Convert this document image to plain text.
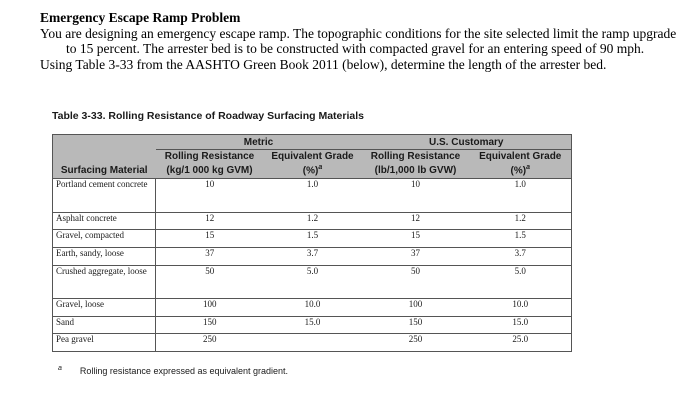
Emergency Escape Ramp Problem
You are designing an emergency escape ramp. The topographic conditions for the site selected limit the ramp upgrade to 15 percent. The arrester bed is to be constructed with compacted gravel for an entering speed of 90 mph.
Using Table 3-33 from the AASHTO Green Book 2011 (below), determine the length of the arrester bed.
Table 3-33. Rolling Resistance of Roadway Surfacing Materials
	Metric		U.S. Customary	
	Rolling Resistance	Equivalent Grade	Rolling Resistance	Equivalent Grade
Surfacing Material	(kg/1 000 kg GVM)	(%)$^a$	(lb/1,000 lb GVW)	(%)$^a$
Portland cement concrete	10	1.0	10	1.0
Asphalt concrete	12	1.2	12	1.2
Gravel, compacted	15	1.5	15	1.5
Earth, sandy, loose	37	3.7	37	3.7
Crushed aggregate, loose	50	5.0	50	5.0
Gravel, loose	100	10.0	100	10.0
Sand	150	15.0	150	15.0
Pea gravel	250		250	25.0
$^a$ Rolling resistance expressed as equivalent gradient.
